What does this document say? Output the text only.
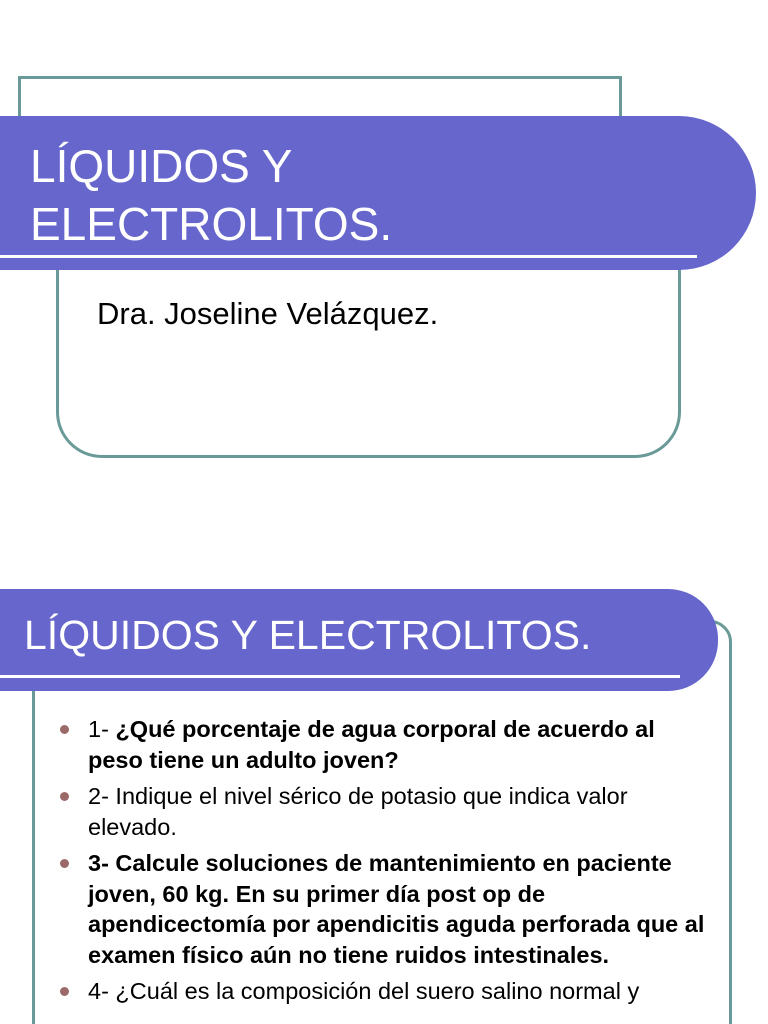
LÍQUIDOS Y
ELECTROLITOS.

Dra. Joseline Velázquez.

LÍQUIDOS Y ELECTROLITOS.
1- ¿Qué porcentaje de agua corporal de acuerdo al peso tiene un adulto joven?
2- Indique el nivel sérico de potasio que indica valor elevado.
3- Calcule soluciones de mantenimiento en paciente joven, 60 kg. En su primer día post op de apendicectomía por apendicitis aguda perforada que al examen físico aún no tiene ruidos intestinales.
4- ¿Cuál es la composición del suero salino normal y
